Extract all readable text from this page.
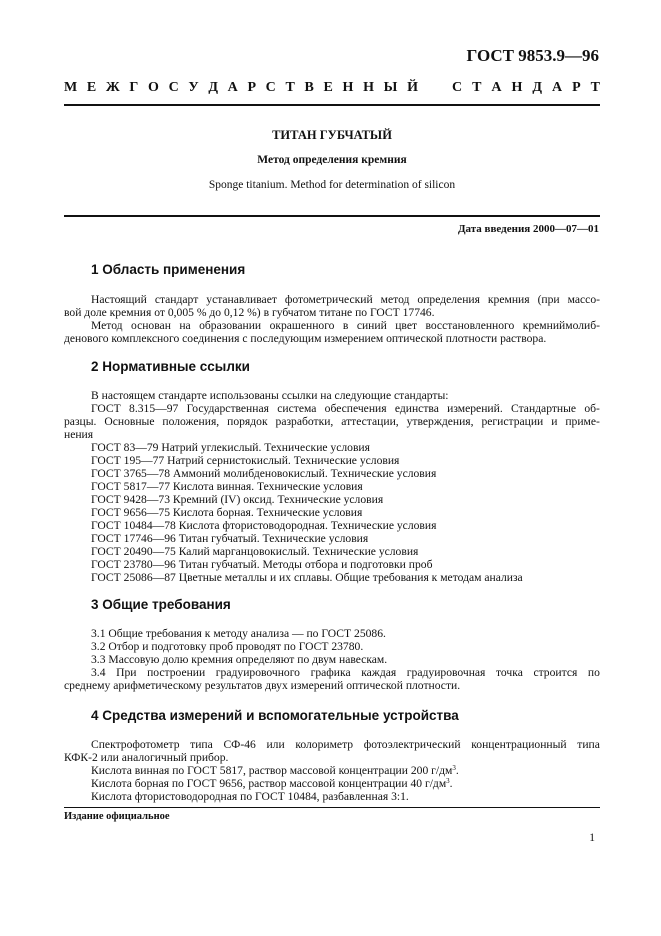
ГОСТ 9853.9—96
М Е Ж Г О С У Д А Р С Т В Е Н Н Ы Й С Т А Н Д А Р Т
ТИТАН ГУБЧАТЫЙ
Метод определения кремния
Sponge titanium. Method for determination of silicon
Дата введения 2000—07—01
1 Область применения
Настоящий стандарт устанавливает фотометрический метод определения кремния (при массо-
вой доле кремния от 0,005 % до 0,12 %) в губчатом титане по ГОСТ 17746.
Метод основан на образовании окрашенного в синий цвет восстановленного кремниймолиб-
денового комплексного соединения с последующим измерением оптической плотности раствора.
2 Нормативные ссылки
В настоящем стандарте использованы ссылки на следующие стандарты:
ГОСТ 8.315—97 Государственная система обеспечения единства измерений. Стандартные об-
разцы. Основные положения, порядок разработки, аттестации, утверждения, регистрации и приме-
нения
ГОСТ 83—79 Натрий углекислый. Технические условия
ГОСТ 195—77 Натрий сернистокислый. Технические условия
ГОСТ 3765—78 Аммоний молибденовокислый. Технические условия
ГОСТ 5817—77 Кислота винная. Технические условия
ГОСТ 9428—73 Кремний (IV) оксид. Технические условия
ГОСТ 9656—75 Кислота борная. Технические условия
ГОСТ 10484—78 Кислота фтористоводородная. Технические условия
ГОСТ 17746—96 Титан губчатый. Технические условия
ГОСТ 20490—75 Калий марганцовокислый. Технические условия
ГОСТ 23780—96 Титан губчатый. Методы отбора и подготовки проб
ГОСТ 25086—87 Цветные металлы и их сплавы. Общие требования к методам анализа
3 Общие требования
3.1 Общие требования к методу анализа — по ГОСТ 25086.
3.2 Отбор и подготовку проб проводят по ГОСТ 23780.
3.3 Массовую долю кремния определяют по двум навескам.
3.4 При построении градуировочного графика каждая градуировочная точка строится по
среднему арифметическому результатов двух измерений оптической плотности.
4 Средства измерений и вспомогательные устройства
Спектрофотометр типа СФ-46 или колориметр фотоэлектрический концентрационный типа
КФК-2 или аналогичный прибор.
Кислота винная по ГОСТ 5817, раствор массовой концентрации 200 $г/дм^3$.
Кислота борная по ГОСТ 9656, раствор массовой концентрации 40 $г/дм^3$.
Кислота фтористоводородная по ГОСТ 10484, разбавленная 3:1.
Издание официальное
1
